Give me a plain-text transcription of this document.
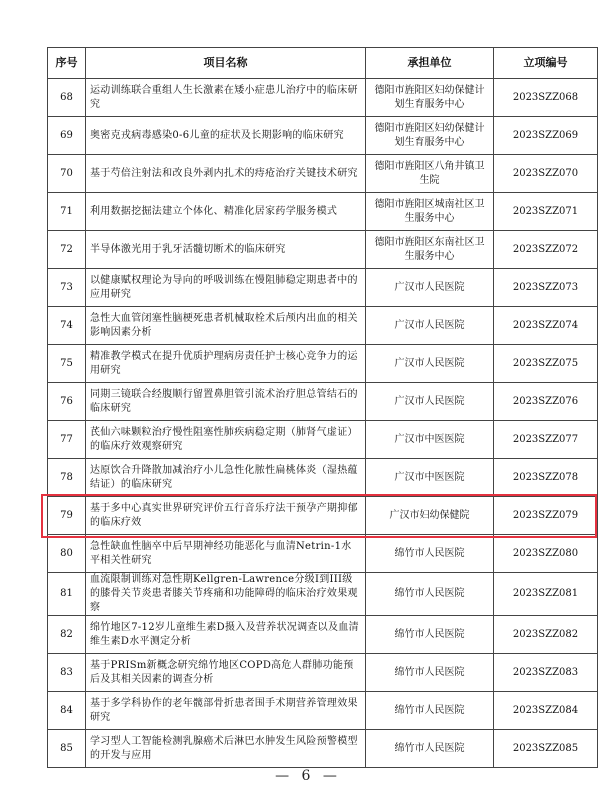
序号	项目名称	承担单位	立项编号
68	运动训练联合重组人生长激素在矮小症患儿治疗中的临床研究	德阳市旌阳区妇幼保健计划生育服务中心	2023SZZ068
69	奥密克戎病毒感染0-6儿童的症状及长期影响的临床研究	德阳市旌阳区妇幼保健计划生育服务中心	2023SZZ069
70	基于芍倍注射法和改良外剥内扎术的痔疮治疗关键技术研究	德阳市旌阳区八角井镇卫生院	2023SZZ070
71	利用数据挖掘法建立个体化、精准化居家药学服务模式	德阳市旌阳区城南社区卫生服务中心	2023SZZ071
72	半导体激光用于乳牙活髓切断术的临床研究	德阳市旌阳区东南社区卫生服务中心	2023SZZ072
73	以健康赋权理论为导向的呼吸训练在慢阻肺稳定期患者中的应用研究	广汉市人民医院	2023SZZ073
74	急性大血管闭塞性脑梗死患者机械取栓术后颅内出血的相关影响因素分析	广汉市人民医院	2023SZZ074
75	精准教学模式在提升优质护理病房责任护士核心竞争力的运用研究	广汉市人民医院	2023SZZ075
76	同期三镜联合经腹顺行留置鼻胆管引流术治疗胆总管结石的临床研究	广汉市人民医院	2023SZZ076
77	芪仙六味颗粒治疗慢性阻塞性肺疾病稳定期（肺肾气虚证）的临床疗效观察研究	广汉市中医医院	2023SZZ077
78	达原饮合升降散加减治疗小儿急性化脓性扁桃体炎（湿热蕴结证）的临床研究	广汉市中医医院	2023SZZ078
79	基于多中心真实世界研究评价五行音乐疗法干预孕产期抑郁的临床疗效	广汉市妇幼保健院	2023SZZ079
80	急性缺血性脑卒中后早期神经功能恶化与血清Netrin-1水平相关性研究	绵竹市人民医院	2023SZZ080
81	血流限制训练对急性期Kellgren-Lawrence分级I到III级的膝骨关节炎患者膝关节疼痛和功能障碍的临床治疗效果观察	绵竹市人民医院	2023SZZ081
82	绵竹地区7-12岁儿童维生素D摄入及营养状况调查以及血清维生素D水平测定分析	绵竹市人民医院	2023SZZ082
83	基于PRISm新概念研究绵竹地区COPD高危人群肺功能预后及其相关因素的调查分析	绵竹市人民医院	2023SZZ083
84	基于多学科协作的老年髋部骨折患者围手术期营养管理效果研究	绵竹市人民医院	2023SZZ084
85	学习型人工智能检测乳腺癌术后淋巴水肿发生风险预警模型的开发与应用	绵竹市人民医院	2023SZZ085
— 6 —
